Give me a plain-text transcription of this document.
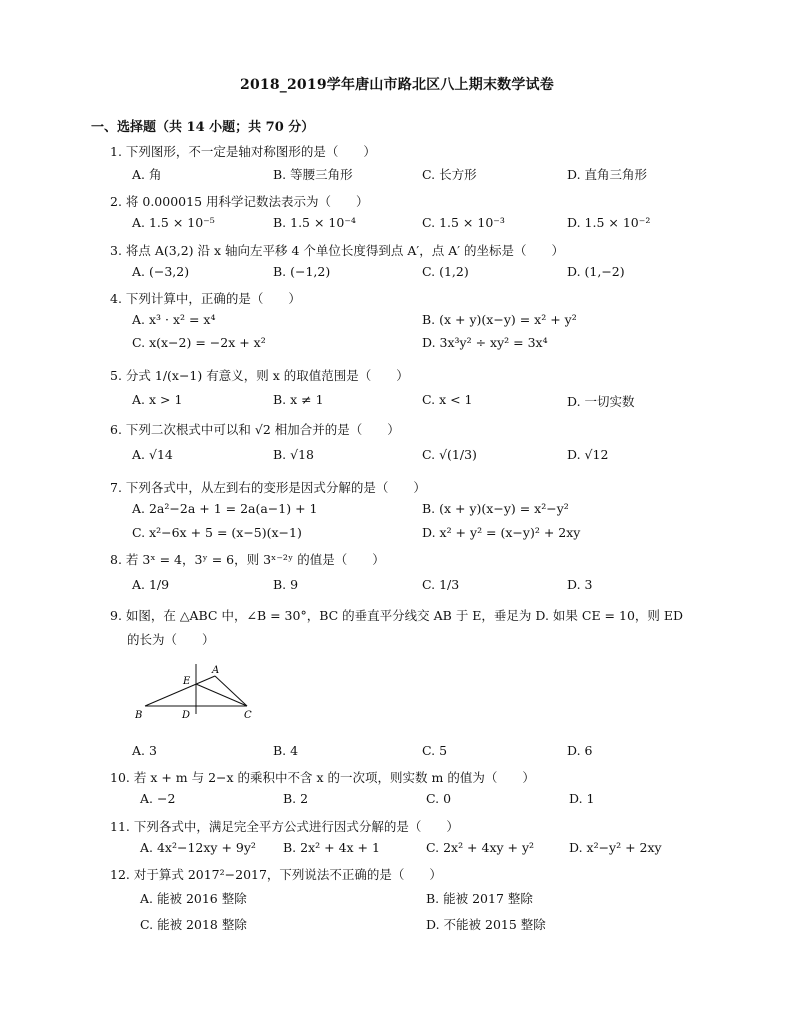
2018_2019学年唐山市路北区八上期末数学试卷
一、选择题（共 14 小题；共 70 分）
1. 下列图形，不一定是轴对称图形的是（　　）
A. 角	B. 等腰三角形	C. 长方形	D. 直角三角形
2. 将 0.000015 用科学记数法表示为（　　）
A. 1.5 × 10⁻⁵	B. 1.5 × 10⁻⁴	C. 1.5 × 10⁻³	D. 1.5 × 10⁻²
3. 将点 A(3,2) 沿 x 轴向左平移 4 个单位长度得到点 A′，点 A′ 的坐标是（　　）
A. (−3,2)	B. (−1,2)	C. (1,2)	D. (1,−2)
4. 下列计算中，正确的是（　　）
A. x³ · x² = x⁴	B. (x + y)(x−y) = x² + y²
C. x(x−2) = −2x + x²	D. 3x³y² ÷ xy² = 3x⁴
5. 分式 1/(x−1) 有意义，则 x 的取值范围是（　　）
A. x > 1	B. x ≠ 1	C. x < 1	D. 一切实数
6. 下列二次根式中可以和 √2 相加合并的是（　　）
A. √14	B. √18	C. √(1/3)	D. √12
7. 下列各式中，从左到右的变形是因式分解的是（　　）
A. 2a²−2a + 1 = 2a(a−1) + 1	B. (x + y)(x−y) = x²−y²
C. x²−6x + 5 = (x−5)(x−1)	D. x² + y² = (x−y)² + 2xy
8. 若 3ˣ = 4，3ʸ = 6，则 3ˣ⁻²ʸ 的值是（　　）
A. 1/9	B. 9	C. 1/3	D. 3
9. 如图，在 △ABC 中，∠B = 30°，BC 的垂直平分线交 AB 于 E，垂足为 D. 如果 CE = 10，则 ED
的长为（　　）
A
B	C
D
E
A. 3	B. 4	C. 5	D. 6
10. 若 x + m 与 2−x 的乘积中不含 x 的一次项，则实数 m 的值为（　　）
A. −2	B. 2	C. 0	D. 1
11. 下列各式中，满足完全平方公式进行因式分解的是（　　）
A. 4x²−12xy + 9y² B. 2x² + 4x + 1	C. 2x² + 4xy + y²	D. x²−y² + 2xy
12. 对于算式 2017²−2017，下列说法不正确的是（　　）
A. 能被 2016 整除	B. 能被 2017 整除
C. 能被 2018 整除	D. 不能被 2015 整除
